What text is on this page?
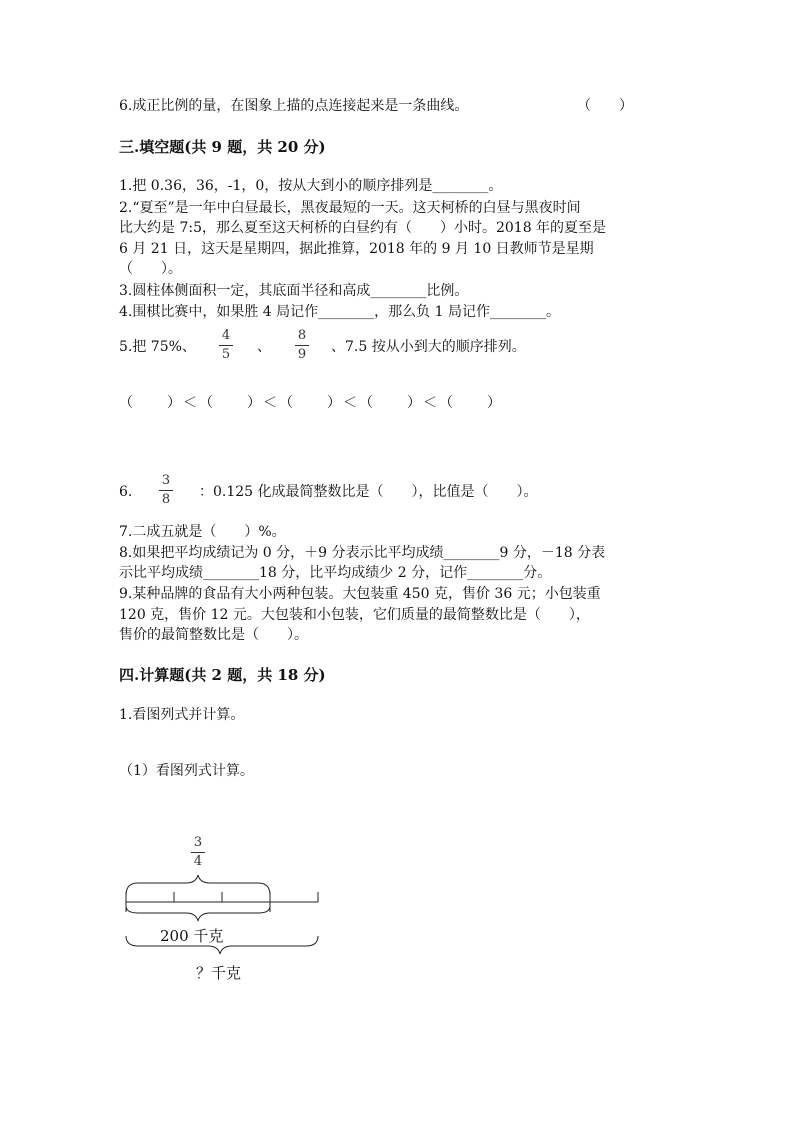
6.成正比例的量，在图象上描的点连接起来是一条曲线。	（　　）
三.填空题(共 9 题，共 20 分)
1.把 0.36，36，-1，0，按从大到小的顺序排列是________。
2.“夏至”是一年中白昼最长，黑夜最短的一天。这天柯桥的白昼与黑夜时间
比大约是 7:5，那么夏至这天柯桥的白昼约有（　　）小时。2018 年的夏至是
6 月 21 日，这天是星期四，据此推算，2018 年的 9 月 10 日教师节是星期
（　　）。
3.圆柱体侧面积一定，其底面半径和高成________比例。
4.围棋比赛中，如果胜 4 局记作________，那么负 1 局记作________。
5.把 75%、
4
5 、
8
9 、7.5 按从小到大的顺序排列。
（　　）＜（　　）＜（　　）＜（　　）＜（　　）
6.
3
8 ：0.125 化成最简整数比是（　　），比值是（　　）。
7.二成五就是（　　）%。
8.如果把平均成绩记为 0 分，＋9 分表示比平均成绩________9 分，－18 分表
示比平均成绩________18 分，比平均成绩少 2 分，记作________分。
9.某种品牌的食品有大小两种包装。大包装重 450 克，售价 36 元；小包装重
120 克，售价 12 元。大包装和小包装，它们质量的最简整数比是（　　），
售价的最简整数比是（　　）。
四.计算题(共 2 题，共 18 分)
1.看图列式并计算。
（1）看图列式计算。
3
4
200 千克
？千克
